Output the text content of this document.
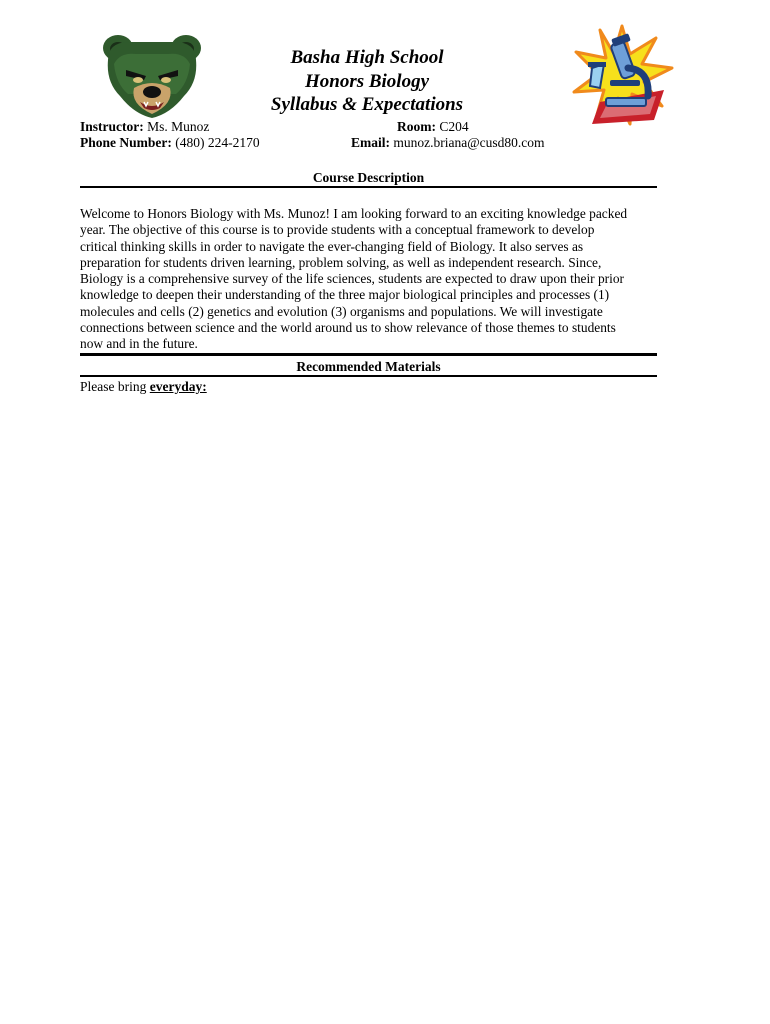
Basha High School
Honors Biology
Syllabus & Expectations
Instructor: Ms. Munoz
Phone Number: (480) 224-2170
Room: C204
Email: munoz.briana@cusd80.com
Course Description
Welcome to Honors Biology with Ms. Munoz! I am looking forward to an exciting knowledge packed
year. The objective of this course is to provide students with a conceptual framework to develop
critical thinking skills in order to navigate the ever-changing field of Biology. It also serves as
preparation for students driven learning, problem solving, as well as independent research. Since,
Biology is a comprehensive survey of the life sciences, students are expected to draw upon their prior
knowledge to deepen their understanding of the three major biological principles and processes (1)
molecules and cells (2) genetics and evolution (3) organisms and populations. We will investigate
connections between science and the world around us to show relevance of those themes to students
now and in the future.
Recommended Materials
Please bring everyday:
